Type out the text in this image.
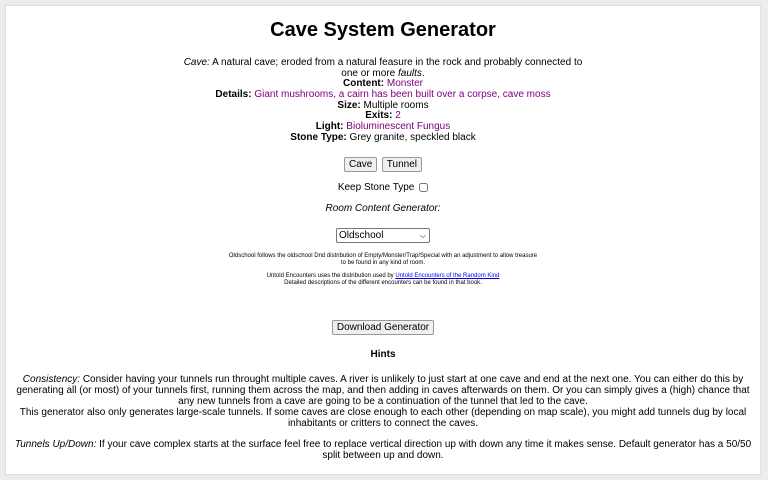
Cave System Generator
Cave: A natural cave; eroded from a natural feasure in the rock and probably connected to one or more faults.
Content: Monster
Details: Giant mushrooms, a cairn has been built over a corpse, cave moss
Size: Multiple rooms
Exits: 2
Light: Bioluminescent Fungus
Stone Type: Grey granite, speckled black
Cave Tunnel
Keep Stone Type
Room Content Generator:
Oldschool	⌵
Oldschool follows the oldschool Dnd distribution of Empty/Monster/Trap/Special with an adjustment to allow treasure to be found in any kind of room.
Untold Encounters uses the distribution used by Untold Encounters of the Random Kind
Detailed descriptions of the different encounters can be found in that book.
Download Generator
Hints
Consistency: Consider having your tunnels run throught multiple caves. A river is unlikely to just start at one cave and end at the next one. You can either do this by generating all (or most) of your tunnels first, running them across the map, and then adding in caves afterwards on them. Or you can simply gives a (high) chance that any new tunnels from a cave are going to be a continuation of the tunnel that led to the cave.
This generator also only generates large-scale tunnels. If some caves are close enough to each other (depending on map scale), you might add tunnels dug by local inhabitants or critters to connect the caves.
Tunnels Up/Down: If your cave complex starts at the surface feel free to replace vertical direction up with down any time it makes sense. Default generator has a 50/50 split between up and down.
